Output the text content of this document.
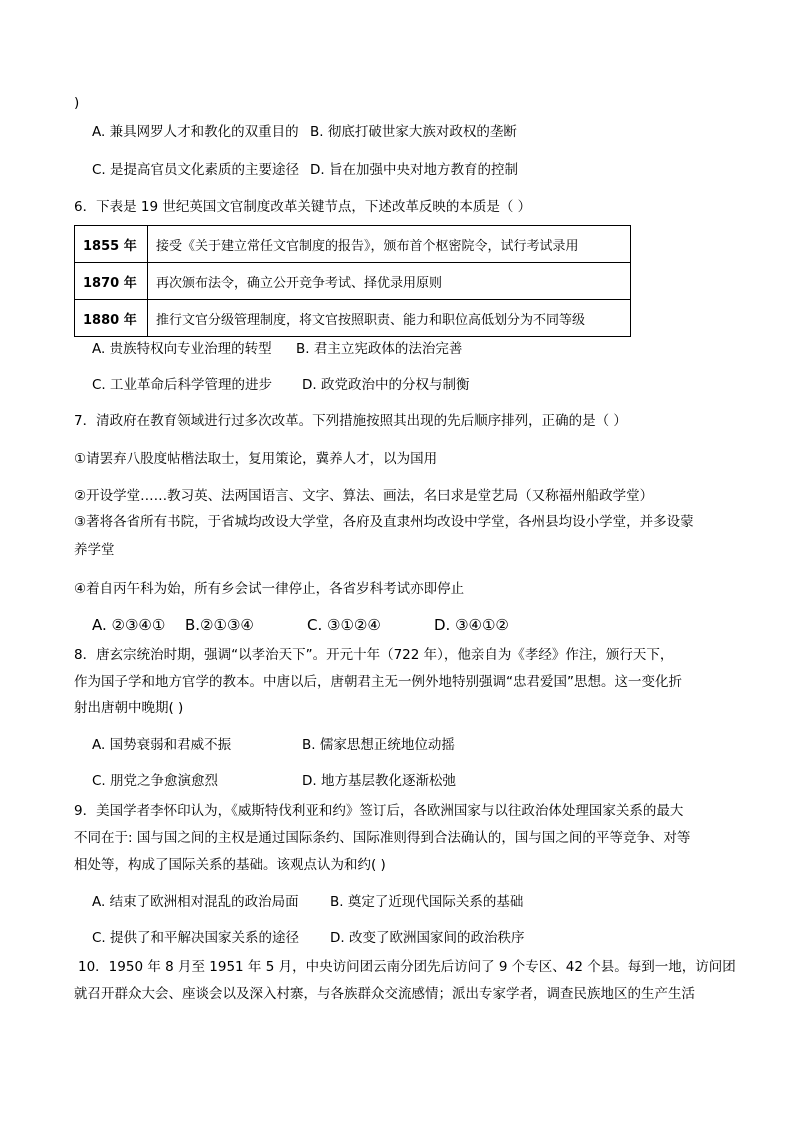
)
A. 兼具网罗人才和教化的双重目的 B. 彻底打破世家大族对政权的垄断
C. 是提高官员文化素质的主要途径 D. 旨在加强中央对地方教育的控制
6．下表是 19 世纪英国文官制度改革关键节点，下述改革反映的本质是（ ）
1855 年	接受《关于建立常任文官制度的报告》，颁布首个枢密院令，试行考试录用
1870 年	再次颁布法令，确立公开竞争考试、择优录用原则
1880 年	推行文官分级管理制度，将文官按照职责、能力和职位高低划分为不同等级
A. 贵族特权向专业治理的转型 B. 君主立宪政体的法治完善
C. 工业革命后科学管理的进步 D. 政党政治中的分权与制衡
7．清政府在教育领域进行过多次改革。下列措施按照其出现的先后顺序排列，正确的是（ ）
①请罢弃八股度帖楷法取士，复用策论，冀养人才，以为国用
②开设学堂……教习英、法两国语言、文字、算法、画法，名曰求是堂艺局（又称福州船政学堂）
③著将各省所有书院，于省城均改设大学堂，各府及直隶州均改设中学堂，各州县均设小学堂，并多设蒙
养学堂
④着自丙午科为始，所有乡会试一律停止，各省岁科考试亦即停止
A. ②③④① B.②①③④	C. ③①②④	D. ③④①②
8．唐玄宗统治时期，强调“以孝治天下”。开元十年（722 年），他亲自为《孝经》作注，颁行天下，
作为国子学和地方官学的教本。中唐以后，唐朝君主无一例外地特别强调“忠君爱国”思想。这一变化折
射出唐朝中晚期( )
A. 国势衰弱和君威不振	B. 儒家思想正统地位动摇
C. 朋党之争愈演愈烈	D. 地方基层教化逐渐松弛
9．美国学者李怀印认为，《威斯特伐利亚和约》签订后，各欧洲国家与以往政治体处理国家关系的最大
不同在于: 国与国之间的主权是通过国际条约、国际准则得到合法确认的，国与国之间的平等竞争、对等
相处等，构成了国际关系的基础。该观点认为和约( )
A. 结束了欧洲相对混乱的政治局面 B. 奠定了近现代国际关系的基础
C. 提供了和平解决国家关系的途径 D. 改变了欧洲国家间的政治秩序
10．1950 年 8 月至 1951 年 5 月，中央访问团云南分团先后访问了 9 个专区、42 个县。每到一地，访问团
就召开群众大会、座谈会以及深入村寨，与各族群众交流感情；派出专家学者，调查民族地区的生产生活
